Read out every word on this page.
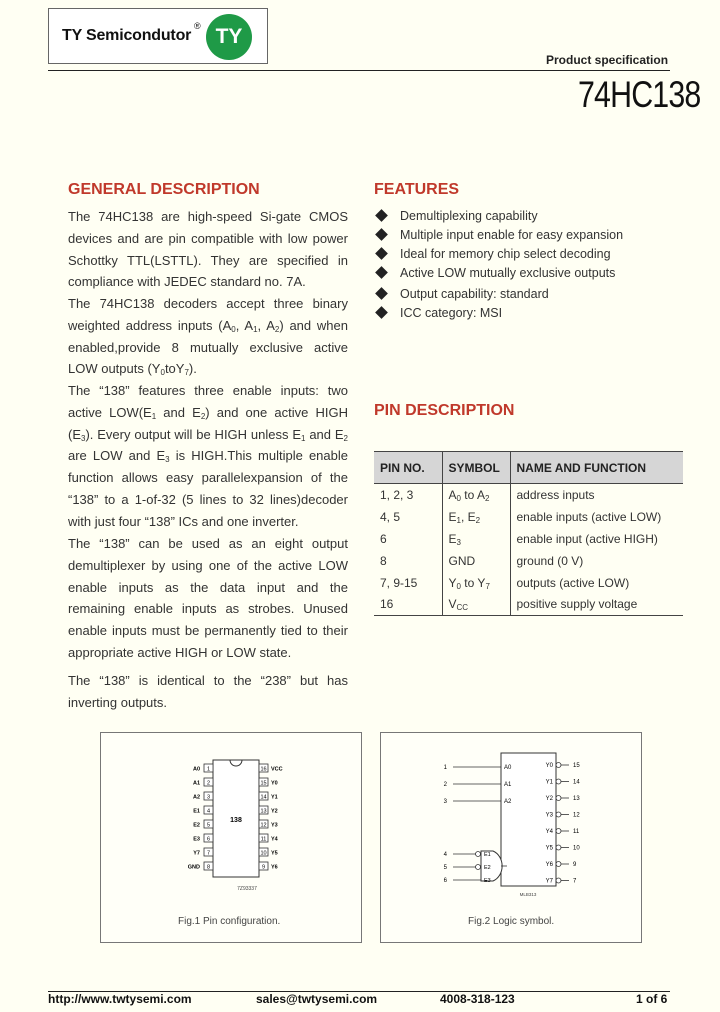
TY Semicondutor
® TY
Product specification
74HC138
GENERAL DESCRIPTION
The 74HC138 are high-speed Si-gate CMOS devices and are pin compatible with low power Schottky TTL(LSTTL). They are specified in compliance with JEDEC standard no. 7A.
The 74HC138 decoders accept three binary weighted address inputs ($A_0$, $A_1$, $A_2$) and when enabled,provide 8 mutually exclusive active LOW outputs $(Y_0toY_7)$.
The “138” features three enable inputs: two active $LOW(E_1$ and $E_2$) and one active HIGH $(E_3)$. Every output will be HIGH unless $E_1$ and $E_2$ are LOW and $E_3$ is HIGH.This multiple enable function allows easy parallelexpansion of the “138” to a 1-of-32 (5 lines to 32 lines)decoder with just four “138” ICs and one inverter.
The “138” can be used as an eight output demultiplexer by using one of the active LOW enable inputs as the data input and the remaining enable inputs as strobes. Unused enable inputs must be permanently tied to their appropriate active HIGH or LOW state.
The “138” is identical to the “238” but has inverting outputs.
FEATURES
Demultiplexing capability
Multiple input enable for easy expansion
Ideal for memory chip select decoding
Active LOW mutually exclusive outputs
Output capability: standard
ICC category: MSI
PIN DESCRIPTION
PIN NO.	SYMBOL	NAME AND FUNCTION
1, 2, 3	$A_0$ to $A_2$	address inputs
4, 5	$E_1$, $E_2$	enable inputs (active LOW)
6	$E_3$	enable input (active HIGH)
8	GND	ground (0 V)
7, 9-15	$Y_0$ to $Y_7$	outputs (active LOW)
16	$V_{CC}$	positive supply voltage
138
7Z93337
1
A0
2
A1
3
A2
4
E1
5
E2
6
E3
7
Y7
8
GND
16 VCC
15 Y0
14 Y1
13 Y2
12 Y3
11 Y4
10 Y5
9 Y6
Fig.1 Pin configuration.
MLB313
1	A0
2	A1
3	A2
4	E1
5	E2
6	E3
Y0	15
Y1	14
Y2	13
Y3	12
Y4	11
Y5	10
Y6	9
Y7	7
Fig.2 Logic symbol.
http://www.twtysemi.com	sales@twtysemi.com	4008-318-123	1 of 6
